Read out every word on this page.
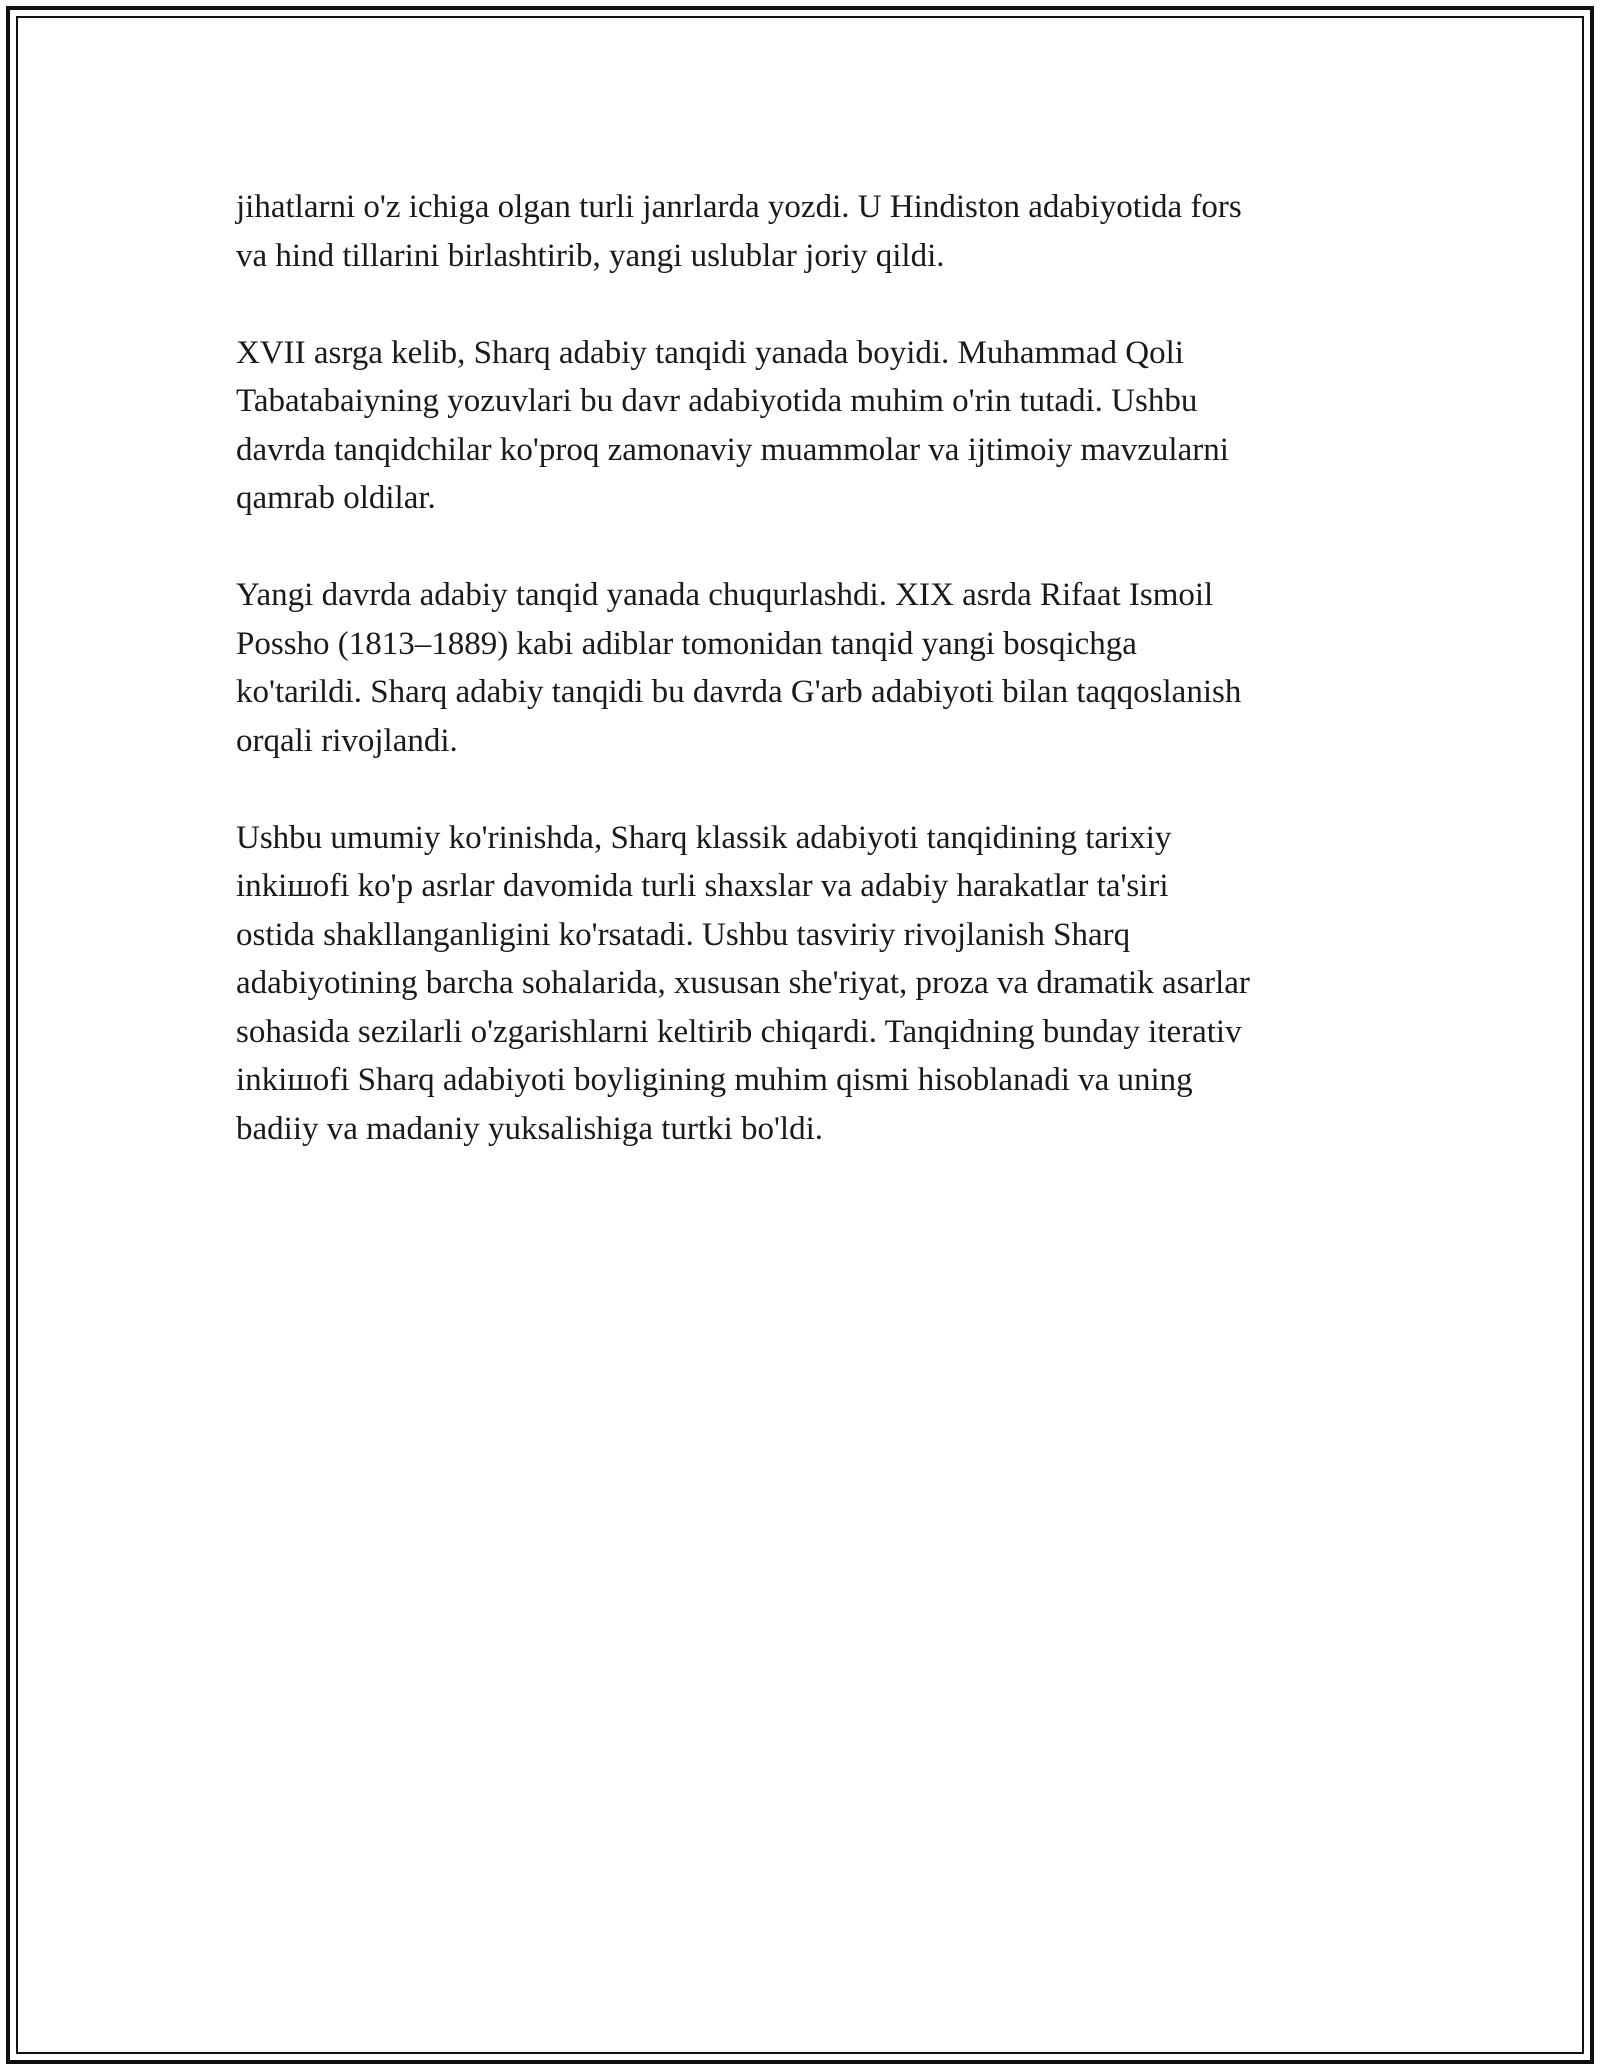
jihatlarni o'z ichiga olgan turli janrlarda yozdi. U Hindiston adabiyotida fors
va hind tillarini birlashtirib, yangi uslublar joriy qildi.

XVII asrga kelib, Sharq adabiy tanqidi yanada boyidi. Muhammad Qoli
Tabatabaiyning yozuvlari bu davr adabiyotida muhim o'rin tutadi. Ushbu
davrda tanqidchilar ko'proq zamonaviy muammolar va ijtimoiy mavzularni
qamrab oldilar.

Yangi davrda adabiy tanqid yanada chuqurlashdi. XIX asrda Rifaat Ismoil
Possho (1813–1889) kabi adiblar tomonidan tanqid yangi bosqichga
ko'tarildi. Sharq adabiy tanqidi bu davrda G'arb adabiyoti bilan taqqoslanish
orqali rivojlandi.

Ushbu umumiy ko'rinishda, Sharq klassik adabiyoti tanqidining tarixiy
inkiшofi ko'p asrlar davomida turli shaxslar va adabiy harakatlar ta'siri
ostida shakllanganligini ko'rsatadi. Ushbu tasviriy rivojlanish Sharq
adabiyotining barcha sohalarida, xususan she'riyat, proza va dramatik asarlar
sohasida sezilarli o'zgarishlarni keltirib chiqardi. Tanqidning bunday iterativ
inkiшofi Sharq adabiyoti boyligining muhim qismi hisoblanadi va uning
badiiy va madaniy yuksalishiga turtki bo'ldi.
